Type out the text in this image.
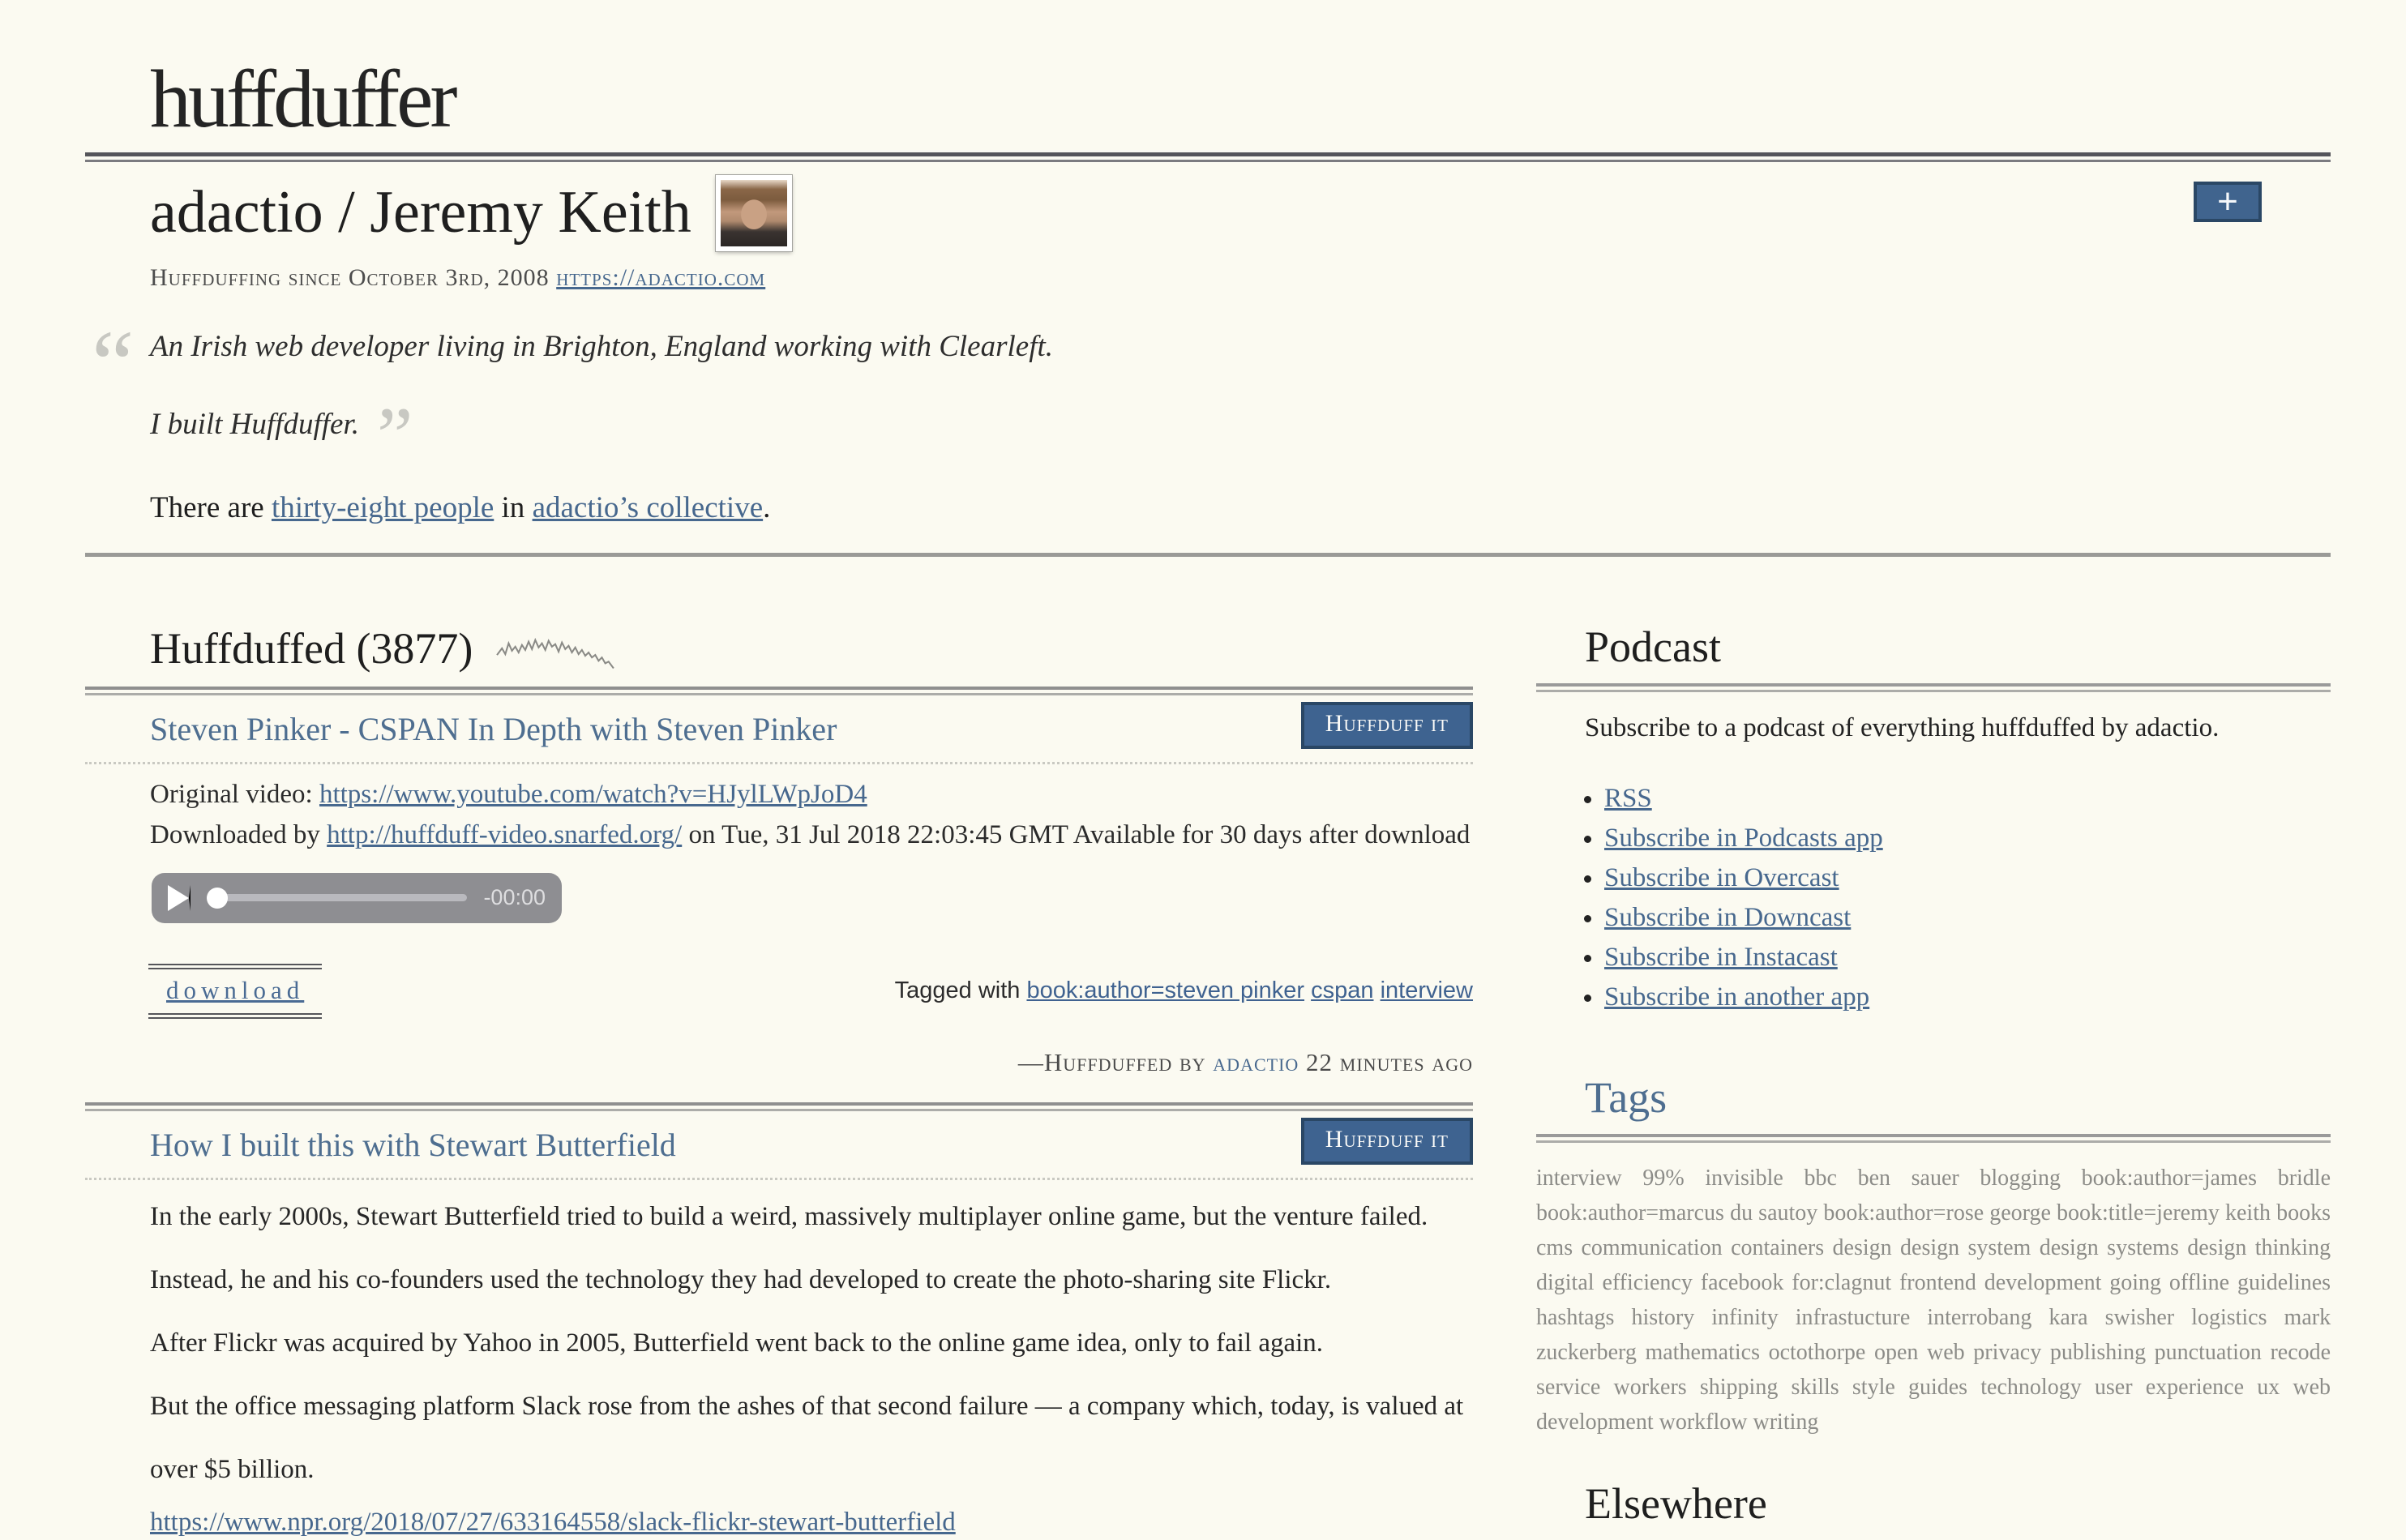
huffduffer
+
adactio / Jeremy Keith

Huffduffing since October 3rd, 2008 https://adactio.com

“ An Irish web developer living in Brighton, England working with Clearleft.

I built Huffduffer. ”

There are thirty-eight people in adactio’s collective.

Huffduffed (3877)
Steven Pinker - CSPAN In Depth with Steven Pinker	Huffduff it
Original video: https://www.youtube.com/watch?v=HJylLWpJoD4
Downloaded by http://huffduff-video.snarfed.org/ on Tue, 31 Jul 2018 22:03:45 GMT Available for 30 days after download
-00:00
download	Tagged with book:author=steven pinker cspan interview

—Huffduffed by adactio 22 minutes ago

How I built this with Stewart Butterfield	Huffduff it

In the early 2000s, Stewart Butterfield tried to build a weird, massively multiplayer online game, but the venture failed.

Instead, he and his co-founders used the technology they had developed to create the photo-sharing site Flickr.

After Flickr was acquired by Yahoo in 2005, Butterfield went back to the online game idea, only to fail again.

But the office messaging platform Slack rose from the ashes of that second failure — a company which, today, is valued at over $5 billion.

https://www.npr.org/2018/07/27/633164558/slack-flickr-stewart-butterfield

Podcast

Subscribe to a podcast of everything huffduffed by adactio.

• RSS
• Subscribe in Podcasts app
• Subscribe in Overcast
• Subscribe in Downcast
• Subscribe in Instacast
• Subscribe in another app
Tags

interview 99% invisible bbc ben sauer blogging book:author=james bridle book:author=marcus du sautoy book:author=rose george book:title=jeremy keith books cms communication containers design design system design systems design thinking digital efficiency facebook for:clagnut frontend development going offline guidelines hashtags history infinity infrastucture interrobang kara swisher logistics mark zuckerberg mathematics octothorpe open web privacy publishing punctuation recode service workers shipping skills style guides technology user experience ux web development workflow writing

Elsewhere
